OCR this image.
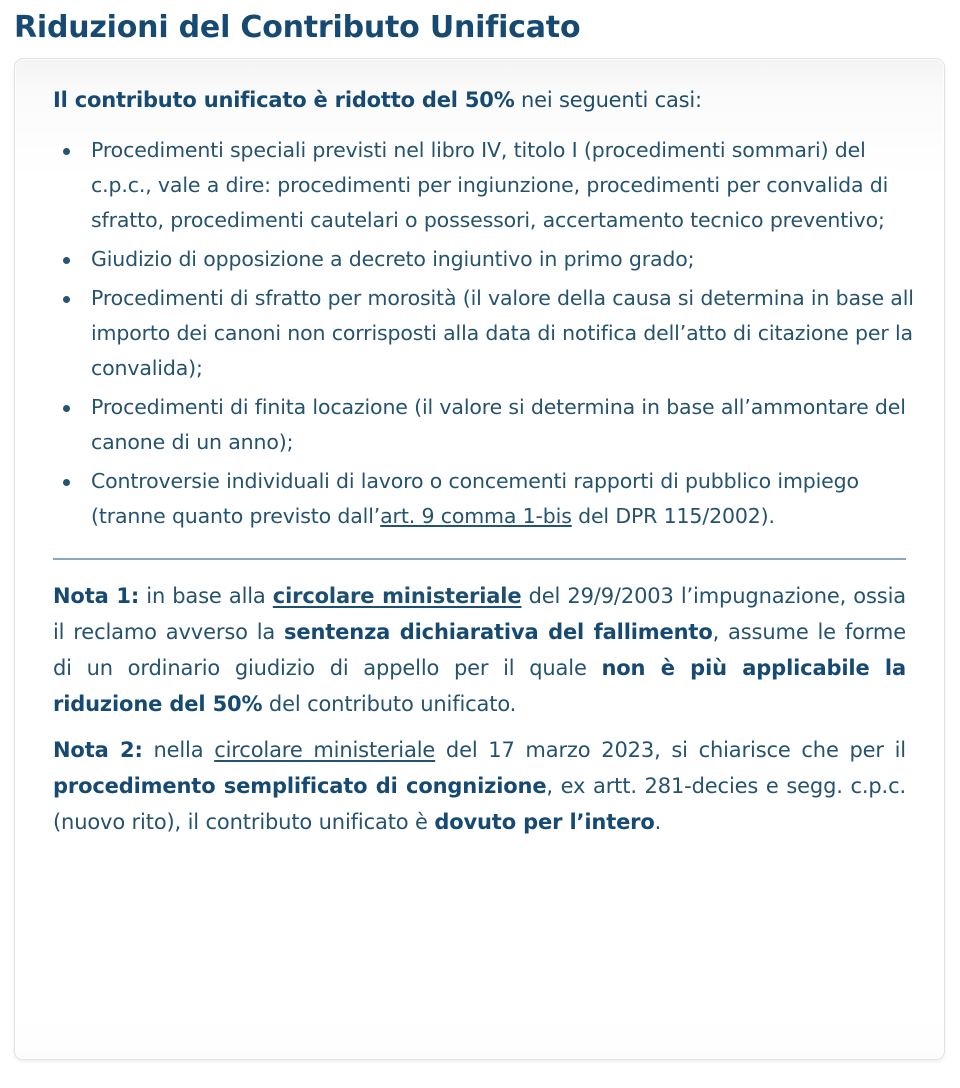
Riduzioni del Contributo Unificato

Il contributo unificato è ridotto del 50% nei seguenti casi:

Procedimenti speciali previsti nel libro IV, titolo I (procedimenti sommari) del c.p.c., vale a dire: procedimenti per ingiunzione, procedimenti per convalida di sfratto, procedimenti cautelari o possessori, accertamento tecnico preventivo;
Giudizio di opposizione a decreto ingiuntivo in primo grado;
Procedimenti di sfratto per morosità (il valore della causa si determina in base all importo dei canoni non corrisposti alla data di notifica dell’atto di citazione per la convalida);
Procedimenti di finita locazione (il valore si determina in base all’ammontare del canone di un anno);
Controversie individuali di lavoro o concementi rapporti di pubblico impiego (tranne quanto previsto dall’art. 9 comma 1-bis del DPR 115/2002).

Nota 1: in base alla circolare ministeriale del 29/9/2003 l’impugnazione, ossia il reclamo avverso la sentenza dichiarativa del fallimento, assume le forme di un ordinario giudizio di appello per il quale non è più applicabile la riduzione del 50% del contributo unificato.

Nota 2: nella circolare ministeriale del 17 marzo 2023, si chiarisce che per il procedimento semplificato di congnizione, ex artt. 281-decies e segg. c.p.c. (nuovo rito), il contributo unificato è dovuto per l’intero.
